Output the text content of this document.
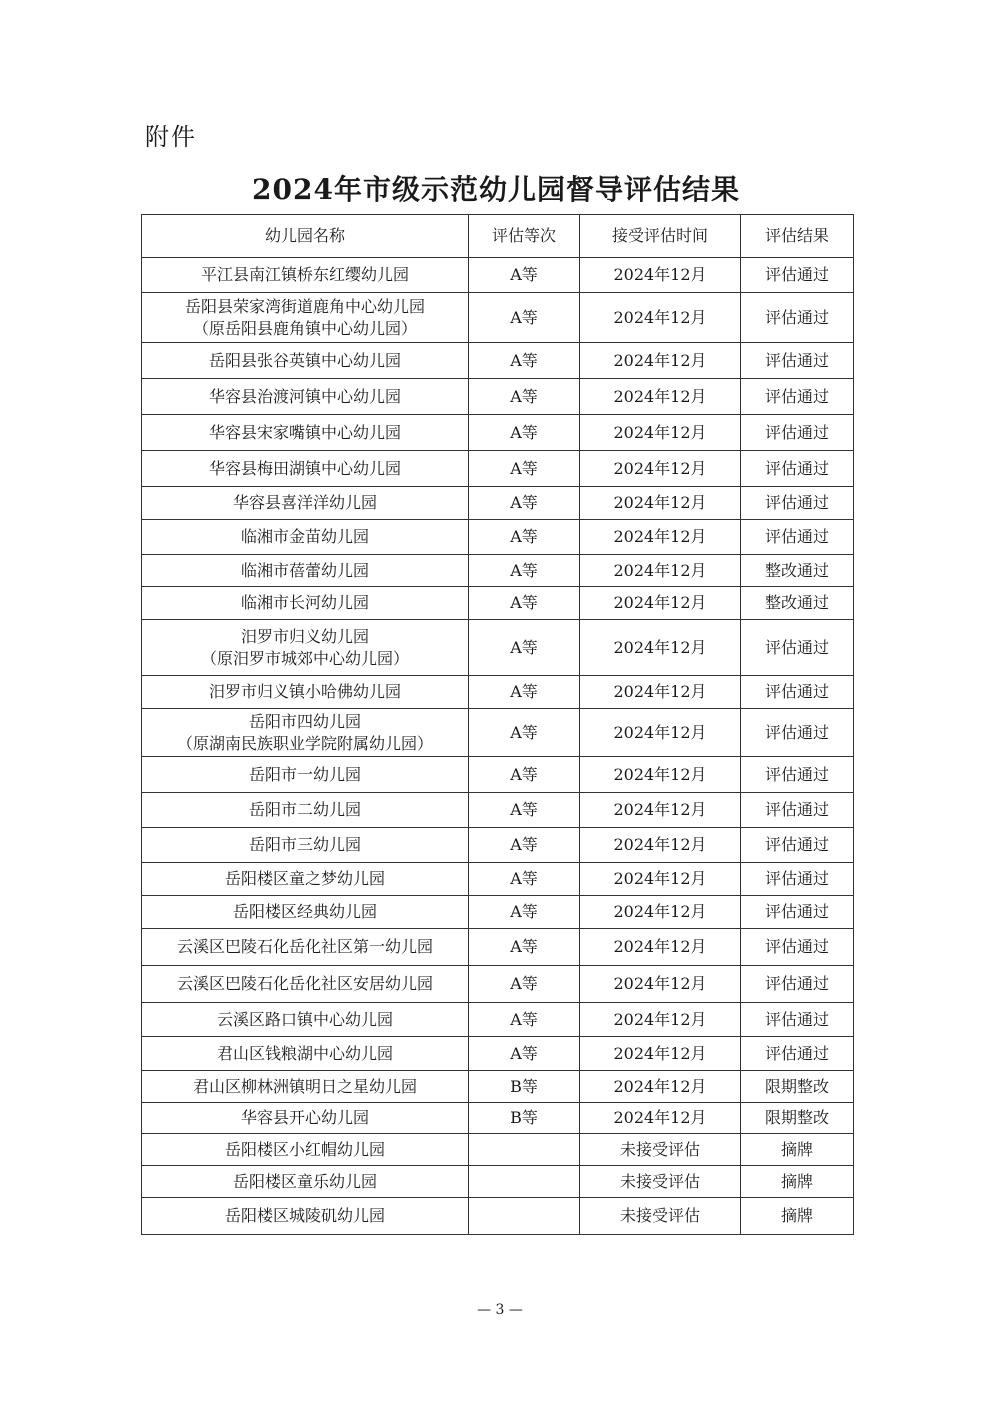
附件
2024年市级示范幼儿园督导评估结果
幼儿园名称	评估等次	接受评估时间	评估结果

平江县南江镇桥东红缨幼儿园	A等	2024年12月	评估通过

岳阳县荣家湾街道鹿角中心幼儿园
（原岳阳县鹿角镇中心幼儿园）	A等	2024年12月	评估通过

岳阳县张谷英镇中心幼儿园	A等	2024年12月	评估通过

华容县治渡河镇中心幼儿园	A等	2024年12月	评估通过

华容县宋家嘴镇中心幼儿园	A等	2024年12月	评估通过

华容县梅田湖镇中心幼儿园	A等	2024年12月	评估通过

华容县喜洋洋幼儿园	A等	2024年12月	评估通过

临湘市金苗幼儿园	A等	2024年12月	评估通过

临湘市蓓蕾幼儿园	A等	2024年12月	整改通过

临湘市长河幼儿园	A等	2024年12月	整改通过

汨罗市归义幼儿园
（原汨罗市城郊中心幼儿园）	A等	2024年12月	评估通过

汨罗市归义镇小哈佛幼儿园	A等	2024年12月	评估通过

岳阳市四幼儿园
（原湖南民族职业学院附属幼儿园）	A等	2024年12月	评估通过

岳阳市一幼儿园	A等	2024年12月	评估通过

岳阳市二幼儿园	A等	2024年12月	评估通过

岳阳市三幼儿园	A等	2024年12月	评估通过

岳阳楼区童之梦幼儿园	A等	2024年12月	评估通过

岳阳楼区经典幼儿园	A等	2024年12月	评估通过

云溪区巴陵石化岳化社区第一幼儿园	A等	2024年12月	评估通过

云溪区巴陵石化岳化社区安居幼儿园	A等	2024年12月	评估通过

云溪区路口镇中心幼儿园	A等	2024年12月	评估通过

君山区钱粮湖中心幼儿园	A等	2024年12月	评估通过

君山区柳林洲镇明日之星幼儿园	B等	2024年12月	限期整改

华容县开心幼儿园	B等	2024年12月	限期整改

岳阳楼区小红帽幼儿园		未接受评估	摘牌

岳阳楼区童乐幼儿园		未接受评估	摘牌

岳阳楼区城陵矶幼儿园		未接受评估	摘牌
— 3 —
